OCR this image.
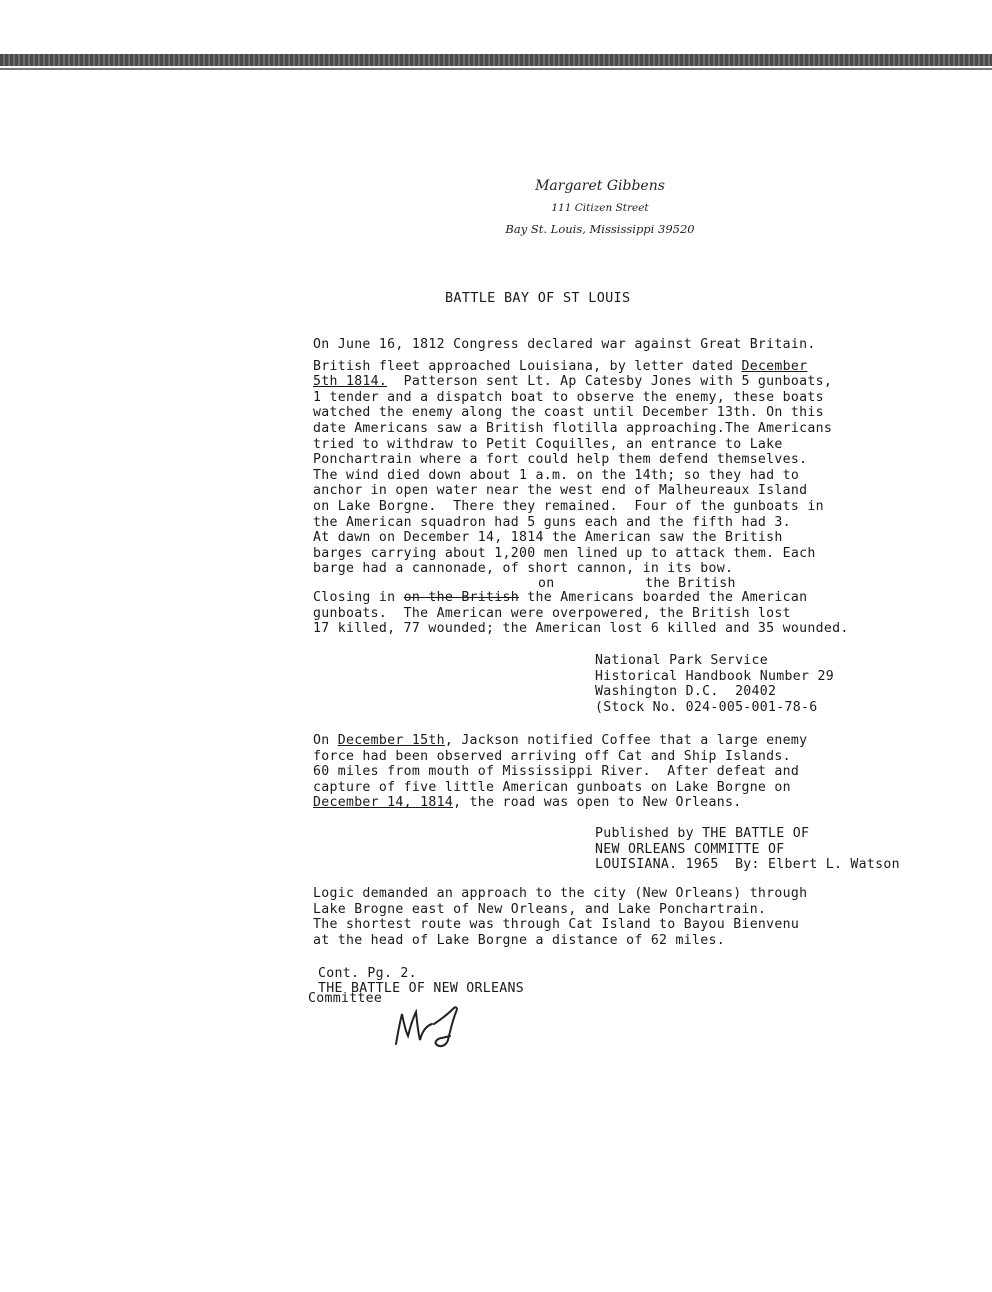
Margaret Gibbens
111 Citizen Street
Bay St. Louis, Mississippi 39520
BATTLE BAY OF ST LOUIS
On June 16, 1812 Congress declared war against Great Britain.
British fleet approached Louisiana, by letter dated December
5th 1814.  Patterson sent Lt. Ap Catesby Jones with 5 gunboats,
1 tender and a dispatch boat to observe the enemy, these boats
watched the enemy along the coast until December 13th. On this
date Americans saw a British flotilla approaching.The Americans
tried to withdraw to Petit Coquilles, an entrance to Lake
Ponchartrain where a fort could help them defend themselves.
The wind died down about 1 a.m. on the 14th; so they had to
anchor in open water near the west end of Malheureaux Island
on Lake Borgne.  There they remained.  Four of the gunboats in
the American squadron had 5 guns each and the fifth had 3.
At dawn on December 14, 1814 the American saw the British
barges carrying about 1,200 men lined up to attack them. Each
barge had a cannonade, of short cannon, in its bow.
on           the British
Closing in on the British the Americans boarded the American
gunboats.  The American were overpowered, the British lost
17 killed, 77 wounded; the American lost 6 killed and 35 wounded.
National Park Service
Historical Handbook Number 29
Washington D.C.  20402
(Stock No. 024-005-001-78-6
On December 15th, Jackson notified Coffee that a large enemy
force had been observed arriving off Cat and Ship Islands.
60 miles from mouth of Mississippi River.  After defeat and
capture of five little American gunboats on Lake Borgne on
December 14, 1814, the road was open to New Orleans.
Published by THE BATTLE OF
NEW ORLEANS COMMITTE OF
LOUISIANA. 1965  By: Elbert L. Watson
Logic demanded an approach to the city (New Orleans) through
Lake Brogne east of New Orleans, and Lake Ponchartrain.
The shortest route was through Cat Island to Bayou Bienvenu
at the head of Lake Borgne a distance of 62 miles.
Cont. Pg. 2.
THE BATTLE OF NEW ORLEANS
Committee
